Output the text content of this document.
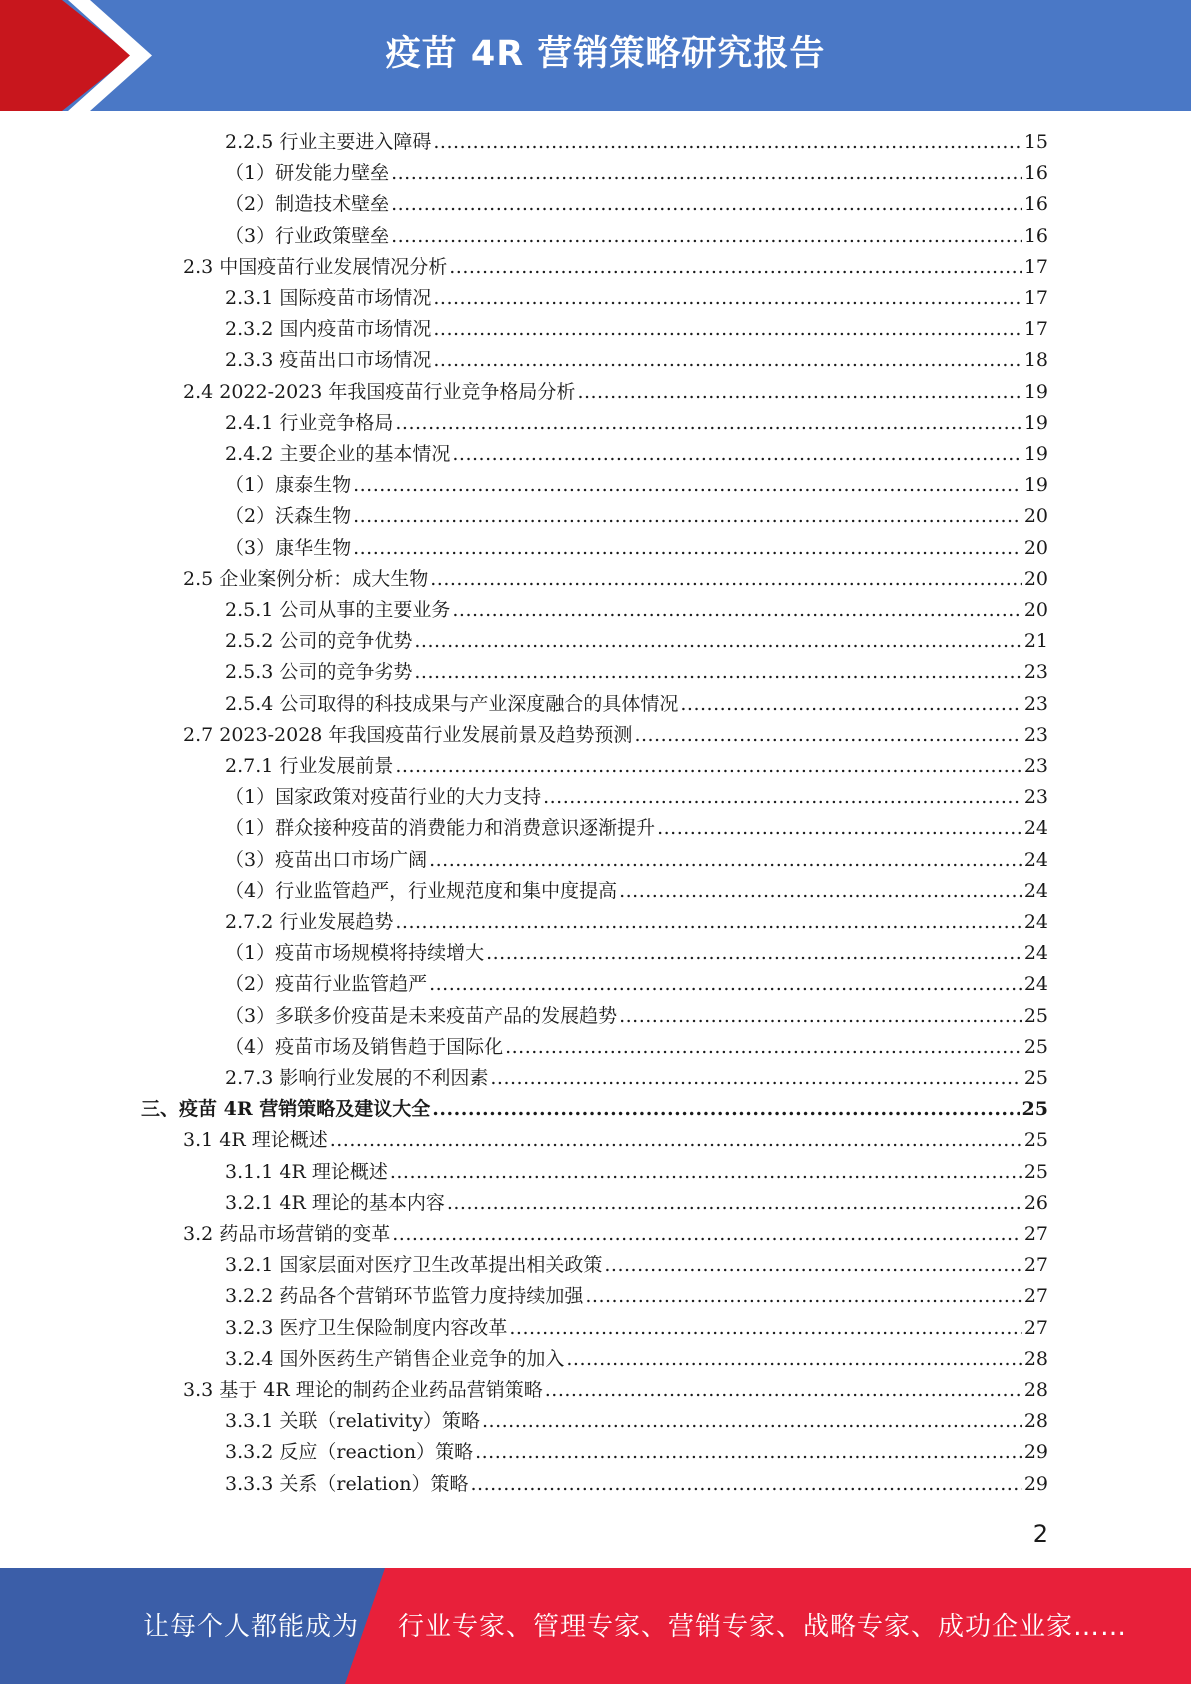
疫苗 4R 营销策略研究报告
2.2.5 行业主要进入障碍 .....	15
（1）研发能力壁垒 .....	16
（2）制造技术壁垒 .....	16
（3）行业政策壁垒 .....	16
2.3 中国疫苗行业发展情况分析 .....	17
2.3.1 国际疫苗市场情况 .....	17
2.3.2 国内疫苗市场情况 .....	17
2.3.3 疫苗出口市场情况 .....	18
2.4 2022-2023 年我国疫苗行业竞争格局分析 .....	19
2.4.1 行业竞争格局 .....	19
2.4.2 主要企业的基本情况 .....	19
（1）康泰生物 .....	19
（2）沃森生物 .....	20
（3）康华生物 .....	20
2.5 企业案例分析：成大生物 .....	20
2.5.1 公司从事的主要业务 .....	20
2.5.2 公司的竞争优势 .....	21
2.5.3 公司的竞争劣势 .....	23
2.5.4 公司取得的科技成果与产业深度融合的具体情况 .....	23
2.7 2023-2028 年我国疫苗行业发展前景及趋势预测 .....	23
2.7.1 行业发展前景 .....	23
（1）国家政策对疫苗行业的大力支持 .....	23
（1）群众接种疫苗的消费能力和消费意识逐渐提升 .....	24
（3）疫苗出口市场广阔 .....	24
（4）行业监管趋严，行业规范度和集中度提高 .....	24
2.7.2 行业发展趋势 .....	24
（1）疫苗市场规模将持续增大 .....	24
（2）疫苗行业监管趋严 .....	24
（3）多联多价疫苗是未来疫苗产品的发展趋势 .....	25
（4）疫苗市场及销售趋于国际化 .....	25
2.7.3 影响行业发展的不利因素 .....	25
三、疫苗 4R 营销策略及建议大全 .....	25
3.1 4R 理论概述 .....	25
3.1.1 4R 理论概述 .....	25
3.2.1 4R 理论的基本内容 .....	26
3.2 药品市场营销的变革 .....	27
3.2.1 国家层面对医疗卫生改革提出相关政策 .....	27
3.2.2 药品各个营销环节监管力度持续加强 .....	27
3.2.3 医疗卫生保险制度内容改革 .....	27
3.2.4 国外医药生产销售企业竞争的加入 .....	28
3.3 基于 4R 理论的制药企业药品营销策略 .....	28
3.3.1 关联（relativity）策略 .....	28
3.3.2 反应（reaction）策略 .....	29
3.3.3 关系（relation）策略 .....	29
2
让每个人都能成为 行业专家、管理专家、营销专家、战略专家、成功企业家……
